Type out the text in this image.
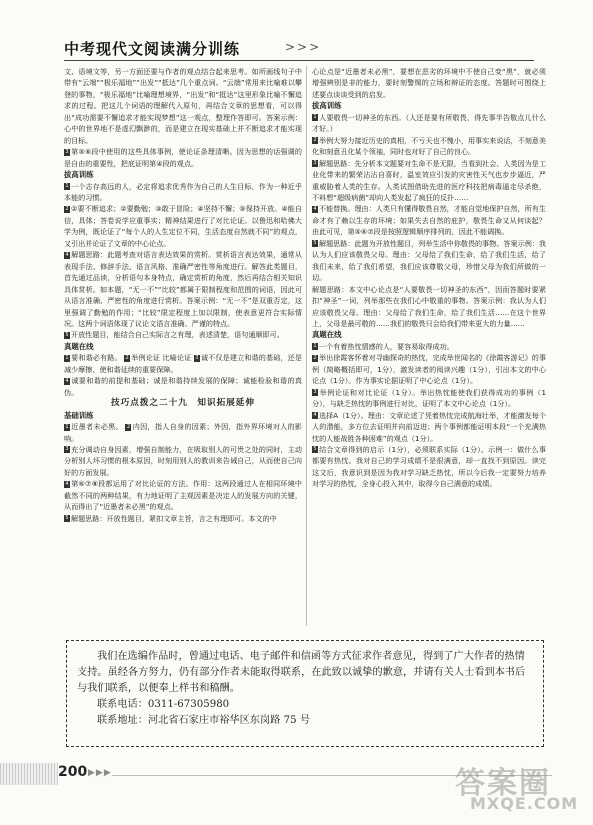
中考现代文阅读满分训练	>>>

文、语境文等，另一方面还要与作者的观点结合起来思考。如所画线句子中带有“云端”“极乐福地”“出发”“抵达”几个重点词。“云端”常用来比喻难以攀登的事物，“极乐福地”比喻理想境界，“出发”和“抵达”这里形象比喻不懈追求的过程。把这几个词语的理解代入原句，再结合文章的思想看，可以得出“成功需要不懈追求才能实现梦想”这一观点，整理作答即可。答案示例：心中的世界地不是虚幻飘渺的，而是建立在现实基础上并不断追求才能实现的目标。

3 第⑤⑥段中使用的这些具体事例，使论证条理清晰。因为思想的话强调的是自由的重要性，把底证明第④段的观点。

拔高训练

1 一个志存高远的人，必定将追求优秀作为自己的人生目标，作为一种近乎本能的习惯。

2 ②要不断追求；②要勤勉；③敢于冒险；④坚持不懈；⑤保持开放。④能自信，具体；答卷说学应重事实；精神结果进行了对比论证。以鲁迅和哈佛大学为例，既论证了“每个人的人生定位不同，生活态度自然就不同”的观点，又引出并论证了文章的中心论点。

4 解题思路：此题考查对语言表达效果的赏析。赏析语言表达效果，通常从表现手法、修辞手法、语言风格、准确严密性等角度进行。解答此类题目，首先通过品读，分析语句本身特点，确定赏析的角度，然后再结合相关知识具体赏析。如本题，“无一不”“比较”都属于限制程度和范围的词语，因此可从语言准确、严密性的角度进行赏析。答案示例：“无一不”是双重否定，这里强调了勤勉的作用；“比较”限定程度上加以限制，使表意更符合实际情况。这两个词语体现了议论文语言准确、严谨的特点。

5 开放性题目，能结合自己实际言之有理，表述清楚，语句通顺即可。

真题在线

1 要和谐必有路。 2 举例论证 比喻论证 3 诚不仅是建立和谐的基础，还是减少摩擦、使和谐延续的重要保障。

4 诚要和谐的前提和基础；诚是和谐持续发展的保障；诚能检验和谐的真伪。

技巧点拨之二十九　知识拓展延伸

基础训练

1 近墨者未必黑。 2 内因，指人自身的因素；外因，指外界环境对人的影响。

3 充分调动自身因素，增强自制能力，在吸取别人的可贵之处的同时，主动分析别人坏习惯的根本原因，时刻用别人的教训来告诫自己，从而使自己向好的方面发展。

4 第⑥⑦⑧段都运用了对比论证的方法。作用：这两段通过人在相同环境中截然不同的两种结果，有力地证明了主观因素是决定人的发展方向的关键，从而得出了“近墨者未必黑”的观点。

5 解题思路：开放性题目，紧扣文章主旨，言之有理即可。本文的中

心论点是“近墨者未必黑”，要想在恶劣的环境中不使自己变“黑”，就必须增强辨别是非的能力，要时刻警惕的立场和辩证的态度。答题时可围绕上述要点谈谈受到的启发。

拔高训练

1 人要敬畏一切神圣的东西。（人还是要有所敬畏，得先事半告敬点儿什么才好。）

2 举例大努力接近历史的真相，不亏天也不愧小，用事实来说话，不刻意美化和刻意丑化某个领袖，同时也对好了自己的良心。

3 解题思路：先分析本文题要对生命不是无限，当看到社会、人类因为是工业化带来的繁荣沾沾自喜时，温室效应引发的灾害性天气也步步逼近，严重威胁着人类的生存。人类试图借助先进的医疗科技把病毒逼走尽杀绝，不料想“超级病菌”却向人类发起了疯狂的反扑……

4 不能替换。理由：人类只有懂得敬畏自然，才能自觉地保护自然，所有生命才有了赖以生存的环境；如果失去自然的庇护，敬畏生命又从何谈起？由此可见，第⑤⑥⑦段是按照逻辑顺序排列的，因此不能调换。

5 解题思路：此题为开放性题目，列举生活中你敬畏的事物。答案示例：我认为人们应该敬畏父母。理由：父母给了我们生命，给了我们生活，给了我们未来，给了我们希望，我们应该尊敬父母，珍惜父母为我们所做的一切。

解题思路：本文中心论点是“人要敬畏一切神圣的东西”，因而答题时要紧扣“神圣”一词，列举那些在我们心中敬重的事物。答案示例：我认为人们应该敬畏父母。理由：父母给了我们生命，给了我们生活……在这个世界上，父母是最可敬的……我们的敬畏只会给我们带来更大的力量……

真题在线

1 一个有着热忱情感的人，要容易取得成功。

2 举出徐霞客怀着对寻幽探奇的热忱，完成举世闻名的《徐霞客游记》的事例（简略概括即可，1分），激发读者的阅读兴趣（1分），引出本文的中心论点（1分）。作为事实论据证明了中心论点（1分）。

3 举例论证和对比论证（1分）。举出热忱能使我们获得成功的事例（1分），与缺乏热忱的事例进行对比，证明了本文中心论点（1分）。

4 选择A（1分）。理由：文章论述了凭着热忱完成航海壮举，才能激发每个人的潜能，多方位去证明并向前迈进；两个事例都能证明本段“一个充满热忱的人能战胜各种困难”的观点（1分）。

5 结合文章得到的启示（1分），必须联系实际（1分）。示例一：做什么事都要有热忱。我对自己的学习成绩不是很满意，却一直找不到原因。读完这文后，我意识到是因为我对学习缺乏热忱，所以今后我一定要努力培养对学习的热忱，全身心投入其中，取得今自己满意的成绩。

我们在选编作品时，曾通过电话、电子邮件和信函等方式征求作者意见，得到了广大作者的热情支持。虽经各方努力，仍有部分作者未能取得联系，在此致以诚挚的歉意，并请有关人士看到本书后与我们联系，以便奉上样书和稿酬。

联系电话：0311-67305980

联系地址：河北省石家庄市裕华区东岗路 75 号

200 ▶▶▶	答案圈
MXQE.COM
